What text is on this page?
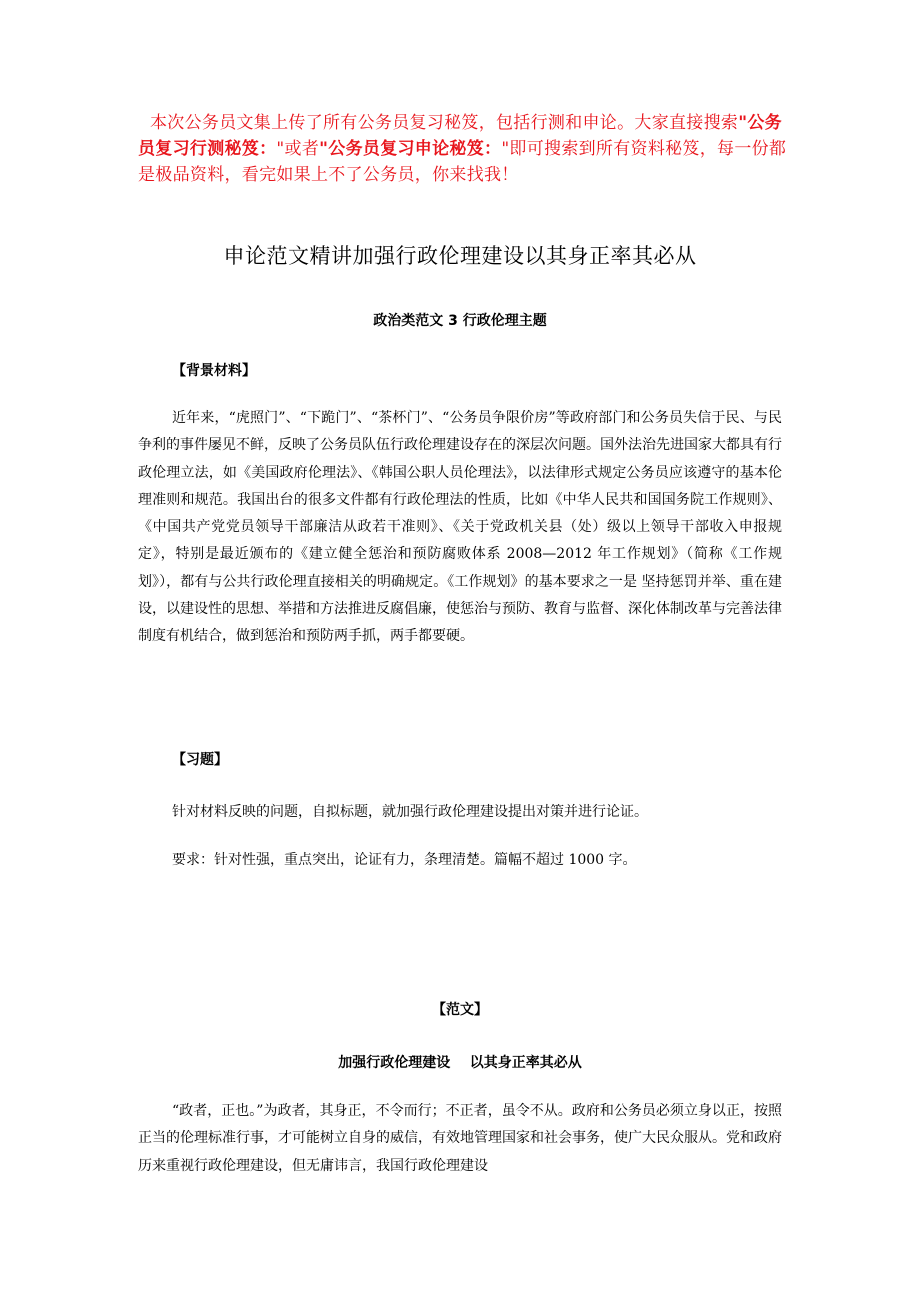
本次公务员文集上传了所有公务员复习秘笈，包括行测和申论。大家直接搜索"公务员复习行测秘笈："或者"公务员复习申论秘笈："即可搜索到所有资料秘笈，每一份都是极品资料，看完如果上不了公务员，你来找我！
申论范文精讲加强行政伦理建设以其身正率其必从
政治类范文 3 行政伦理主题
【背景材料】
近年来，“虎照门”、“下跪门”、“茶杯门”、“公务员争限价房”等政府部门和公务员失信于民、与民争利的事件屡见不鲜，反映了公务员队伍行政伦理建设存在的深层次问题。国外法治先进国家大都具有行政伦理立法，如《美国政府伦理法》、《韩国公职人员伦理法》，以法律形式规定公务员应该遵守的基本伦理准则和规范。我国出台的很多文件都有行政伦理法的性质，比如《中华人民共和国国务院工作规则》、《中国共产党党员领导干部廉洁从政若干准则》、《关于党政机关县（处）级以上领导干部收入申报规定》，特别是最近颁布的《建立健全惩治和预防腐败体系 2008—2012 年工作规划》（简称《工作规划》），都有与公共行政伦理直接相关的明确规定。《工作规划》的基本要求之一是 坚持惩罚并举、重在建设，以建设性的思想、举措和方法推进反腐倡廉，使惩治与预防、教育与监督、深化体制改革与完善法律制度有机结合，做到惩治和预防两手抓，两手都要硬。
【习题】
针对材料反映的问题，自拟标题，就加强行政伦理建设提出对策并进行论证。
要求：针对性强，重点突出，论证有力，条理清楚。篇幅不超过 1000 字。
【范文】
加强行政伦理建设    以其身正率其必从
“政者，正也。”为政者，其身正，不令而行；不正者，虽令不从。政府和公务员必须立身以正，按照正当的伦理标准行事，才可能树立自身的威信，有效地管理国家和社会事务，使广大民众服从。党和政府历来重视行政伦理建设，但无庸讳言，我国行政伦理建设
